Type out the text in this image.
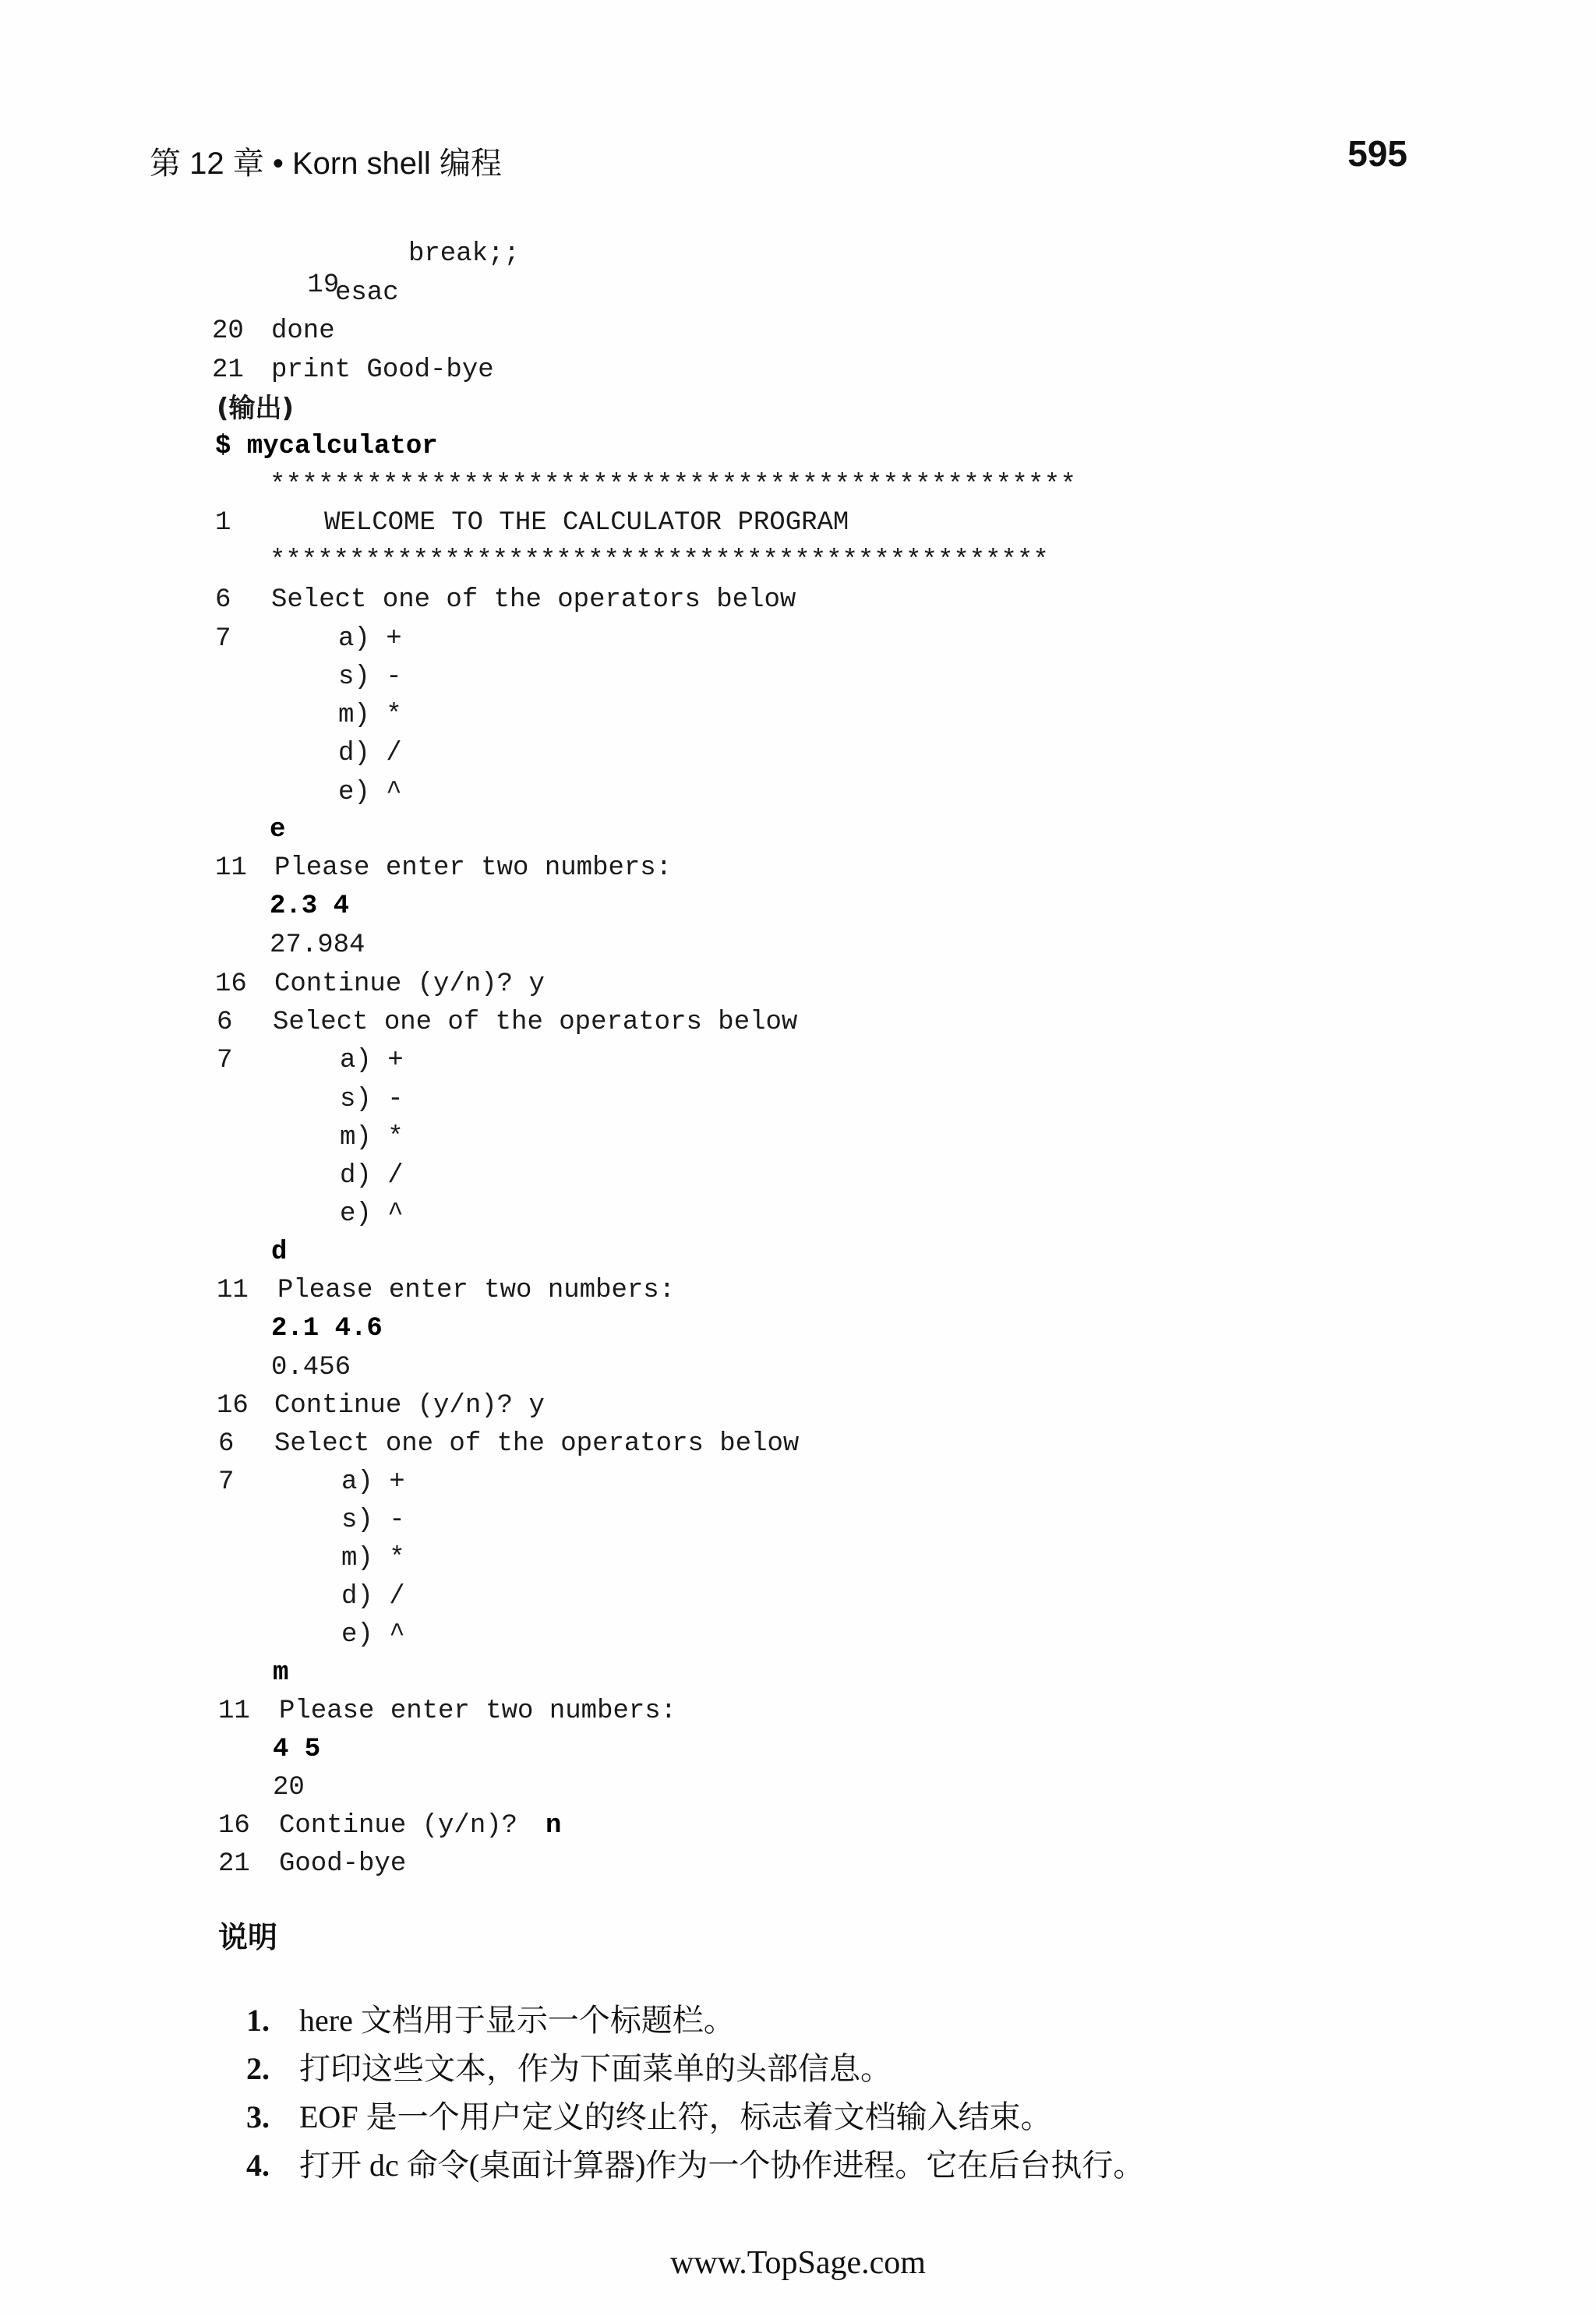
第 12 章 • Korn shell 编程	595

19

break;;
esac
20 done
21 print Good-bye
(输出)
$ mycalculator
**************************************************
1	WELCOME TO THE CALCULATOR PROGRAM
*************************************************
6 Select one of the operators below
7	a) +
s) -
m) *
d) /
e) ^
e
11 Please enter two numbers:
2.3 4
27.984
16 Continue (y/n)? y
6 Select one of the operators below
7	a) +
s) -
m) *
d) /
e) ^
d
11 Please enter two numbers:
2.1 4.6
0.456
16 Continue (y/n)? y
6 Select one of the operators below
7	a) +
s) -
m) *
d) /
e) ^
m
11 Please enter two numbers:
4 5
20
16 Continue (y/n)? n
21 Good-bye
说明

1. here 文档用于显示一个标题栏。

2. 打印这些文本，作为下面菜单的头部信息。

3. EOF 是一个用户定义的终止符，标志着文档输入结束。

4. 打开 dc 命令(桌面计算器)作为一个协作进程。它在后台执行。

www.TopSage.com
